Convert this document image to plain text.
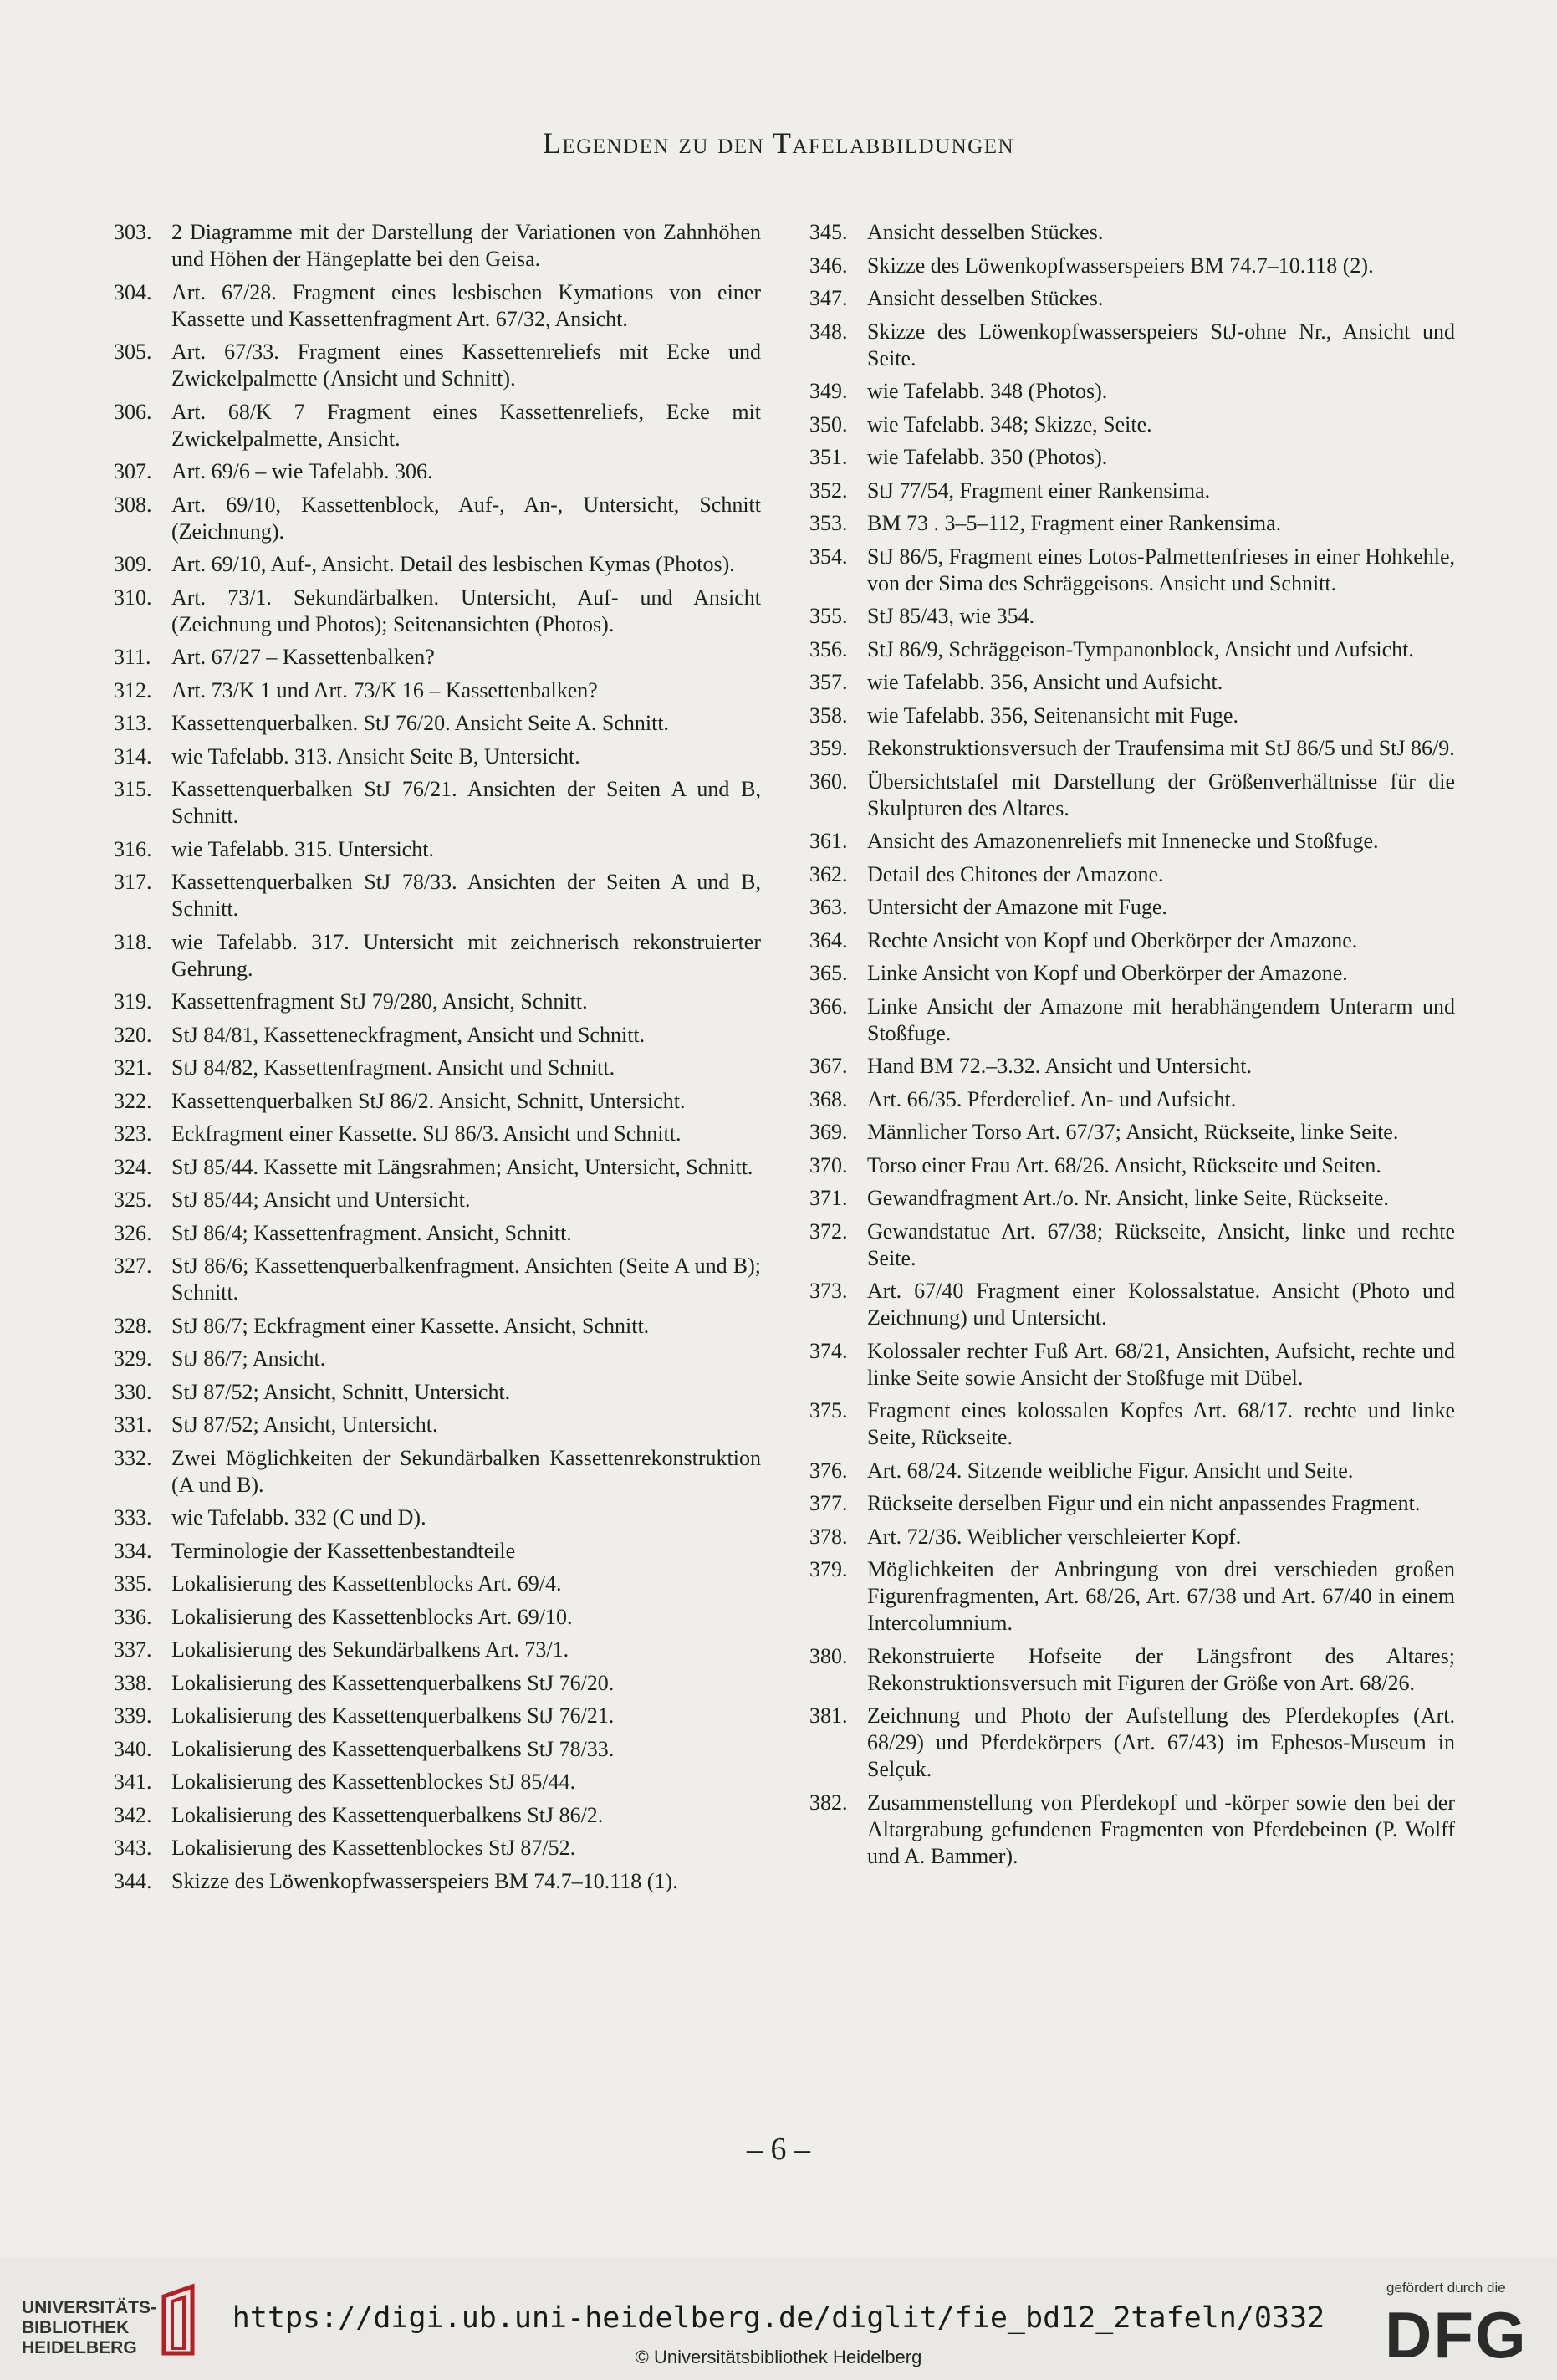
Legenden zu den Tafelabbildungen
303. 2 Diagramme mit der Darstellung der Variationen von Zahnhöhen und Höhen der Hängeplatte bei den Geisa.
304. Art. 67/28. Fragment eines lesbischen Kymations von einer Kassette und Kassettenfragment Art. 67/32, Ansicht.
305. Art. 67/33. Fragment eines Kassettenreliefs mit Ecke und Zwickelpalmette (Ansicht und Schnitt).
306. Art. 68/K 7 Fragment eines Kassettenreliefs, Ecke mit Zwickelpalmette, Ansicht.
307. Art. 69/6 – wie Tafelabb. 306.
308. Art. 69/10, Kassettenblock, Auf-, An-, Untersicht, Schnitt (Zeichnung).
309. Art. 69/10, Auf-, Ansicht. Detail des lesbischen Kymas (Photos).
310. Art. 73/1. Sekundärbalken. Untersicht, Auf- und Ansicht (Zeichnung und Photos); Seitenansichten (Photos).
311. Art. 67/27 – Kassettenbalken?
312. Art. 73/K 1 und Art. 73/K 16 – Kassettenbalken?
313. Kassettenquerbalken. StJ 76/20. Ansicht Seite A. Schnitt.
314. wie Tafelabb. 313. Ansicht Seite B, Untersicht.
315. Kassettenquerbalken StJ 76/21. Ansichten der Seiten A und B, Schnitt.
316. wie Tafelabb. 315. Untersicht.
317. Kassettenquerbalken StJ 78/33. Ansichten der Seiten A und B, Schnitt.
318. wie Tafelabb. 317. Untersicht mit zeichnerisch rekonstruierter Gehrung.
319. Kassettenfragment StJ 79/280, Ansicht, Schnitt.
320. StJ 84/81, Kassetteneckfragment, Ansicht und Schnitt.
321. StJ 84/82, Kassettenfragment. Ansicht und Schnitt.
322. Kassettenquerbalken StJ 86/2. Ansicht, Schnitt, Untersicht.
323. Eckfragment einer Kassette. StJ 86/3. Ansicht und Schnitt.
324. StJ 85/44. Kassette mit Längsrahmen; Ansicht, Untersicht, Schnitt.
325. StJ 85/44; Ansicht und Untersicht.
326. StJ 86/4; Kassettenfragment. Ansicht, Schnitt.
327. StJ 86/6; Kassettenquerbalkenfragment. Ansichten (Seite A und B); Schnitt.
328. StJ 86/7; Eckfragment einer Kassette. Ansicht, Schnitt.
329. StJ 86/7; Ansicht.
330. StJ 87/52; Ansicht, Schnitt, Untersicht.
331. StJ 87/52; Ansicht, Untersicht.
332. Zwei Möglichkeiten der Sekundärbalken Kassettenrekonstruktion (A und B).
333. wie Tafelabb. 332 (C und D).
334. Terminologie der Kassettenbestandteile
335. Lokalisierung des Kassettenblocks Art. 69/4.
336. Lokalisierung des Kassettenblocks Art. 69/10.
337. Lokalisierung des Sekundärbalkens Art. 73/1.
338. Lokalisierung des Kassettenquerbalkens StJ 76/20.
339. Lokalisierung des Kassettenquerbalkens StJ 76/21.
340. Lokalisierung des Kassettenquerbalkens StJ 78/33.
341. Lokalisierung des Kassettenblockes StJ 85/44.
342. Lokalisierung des Kassettenquerbalkens StJ 86/2.
343. Lokalisierung des Kassettenblockes StJ 87/52.
344. Skizze des Löwenkopfwasserspeiers BM 74.7–10.118 (1).
345. Ansicht desselben Stückes.
346. Skizze des Löwenkopfwasserspeiers BM 74.7–10.118 (2).
347. Ansicht desselben Stückes.
348. Skizze des Löwenkopfwasserspeiers StJ-ohne Nr., Ansicht und Seite.
349. wie Tafelabb. 348 (Photos).
350. wie Tafelabb. 348; Skizze, Seite.
351. wie Tafelabb. 350 (Photos).
352. StJ 77/54, Fragment einer Rankensima.
353. BM 73 . 3–5–112, Fragment einer Rankensima.
354. StJ 86/5, Fragment eines Lotos-Palmettenfrieses in einer Hohkehle, von der Sima des Schräggeisons. Ansicht und Schnitt.
355. StJ 85/43, wie 354.
356. StJ 86/9, Schräggeison-Tympanonblock, Ansicht und Aufsicht.
357. wie Tafelabb. 356, Ansicht und Aufsicht.
358. wie Tafelabb. 356, Seitenansicht mit Fuge.
359. Rekonstruktionsversuch der Traufensima mit StJ 86/5 und StJ 86/9.
360. Übersichtstafel mit Darstellung der Größenverhältnisse für die Skulpturen des Altares.
361. Ansicht des Amazonenreliefs mit Innenecke und Stoßfuge.
362. Detail des Chitones der Amazone.
363. Untersicht der Amazone mit Fuge.
364. Rechte Ansicht von Kopf und Oberkörper der Amazone.
365. Linke Ansicht von Kopf und Oberkörper der Amazone.
366. Linke Ansicht der Amazone mit herabhängendem Unterarm und Stoßfuge.
367. Hand BM 72.–3.32. Ansicht und Untersicht.
368. Art. 66/35. Pferderelief. An- und Aufsicht.
369. Männlicher Torso Art. 67/37; Ansicht, Rückseite, linke Seite.
370. Torso einer Frau Art. 68/26. Ansicht, Rückseite und Seiten.
371. Gewandfragment Art./o. Nr. Ansicht, linke Seite, Rückseite.
372. Gewandstatue Art. 67/38; Rückseite, Ansicht, linke und rechte Seite.
373. Art. 67/40 Fragment einer Kolossalstatue. Ansicht (Photo und Zeichnung) und Untersicht.
374. Kolossaler rechter Fuß Art. 68/21, Ansichten, Aufsicht, rechte und linke Seite sowie Ansicht der Stoßfuge mit Dübel.
375. Fragment eines kolossalen Kopfes Art. 68/17. rechte und linke Seite, Rückseite.
376. Art. 68/24. Sitzende weibliche Figur. Ansicht und Seite.
377. Rückseite derselben Figur und ein nicht anpassendes Fragment.
378. Art. 72/36. Weiblicher verschleierter Kopf.
379. Möglichkeiten der Anbringung von drei verschieden großen Figurenfragmenten, Art. 68/26, Art. 67/38 und Art. 67/40 in einem Intercolumnium.
380. Rekonstruierte Hofseite der Längsfront des Altares; Rekonstruktionsversuch mit Figuren der Größe von Art. 68/26.
381. Zeichnung und Photo der Aufstellung des Pferdekopfes (Art. 68/29) und Pferdekörpers (Art. 67/43) im Ephesos-Museum in Selçuk.
382. Zusammenstellung von Pferdekopf und -körper sowie den bei der Altargrabung gefundenen Fragmenten von Pferdebeinen (P. Wolff und A. Bammer).
– 6 –
UNIVERSITÄTS-
BIBLIOTHEK
HEIDELBERG
https://digi.ub.uni-heidelberg.de/diglit/fie_bd12_2tafeln/0332
© Universitätsbibliothek Heidelberg
gefördert durch die
DFG
